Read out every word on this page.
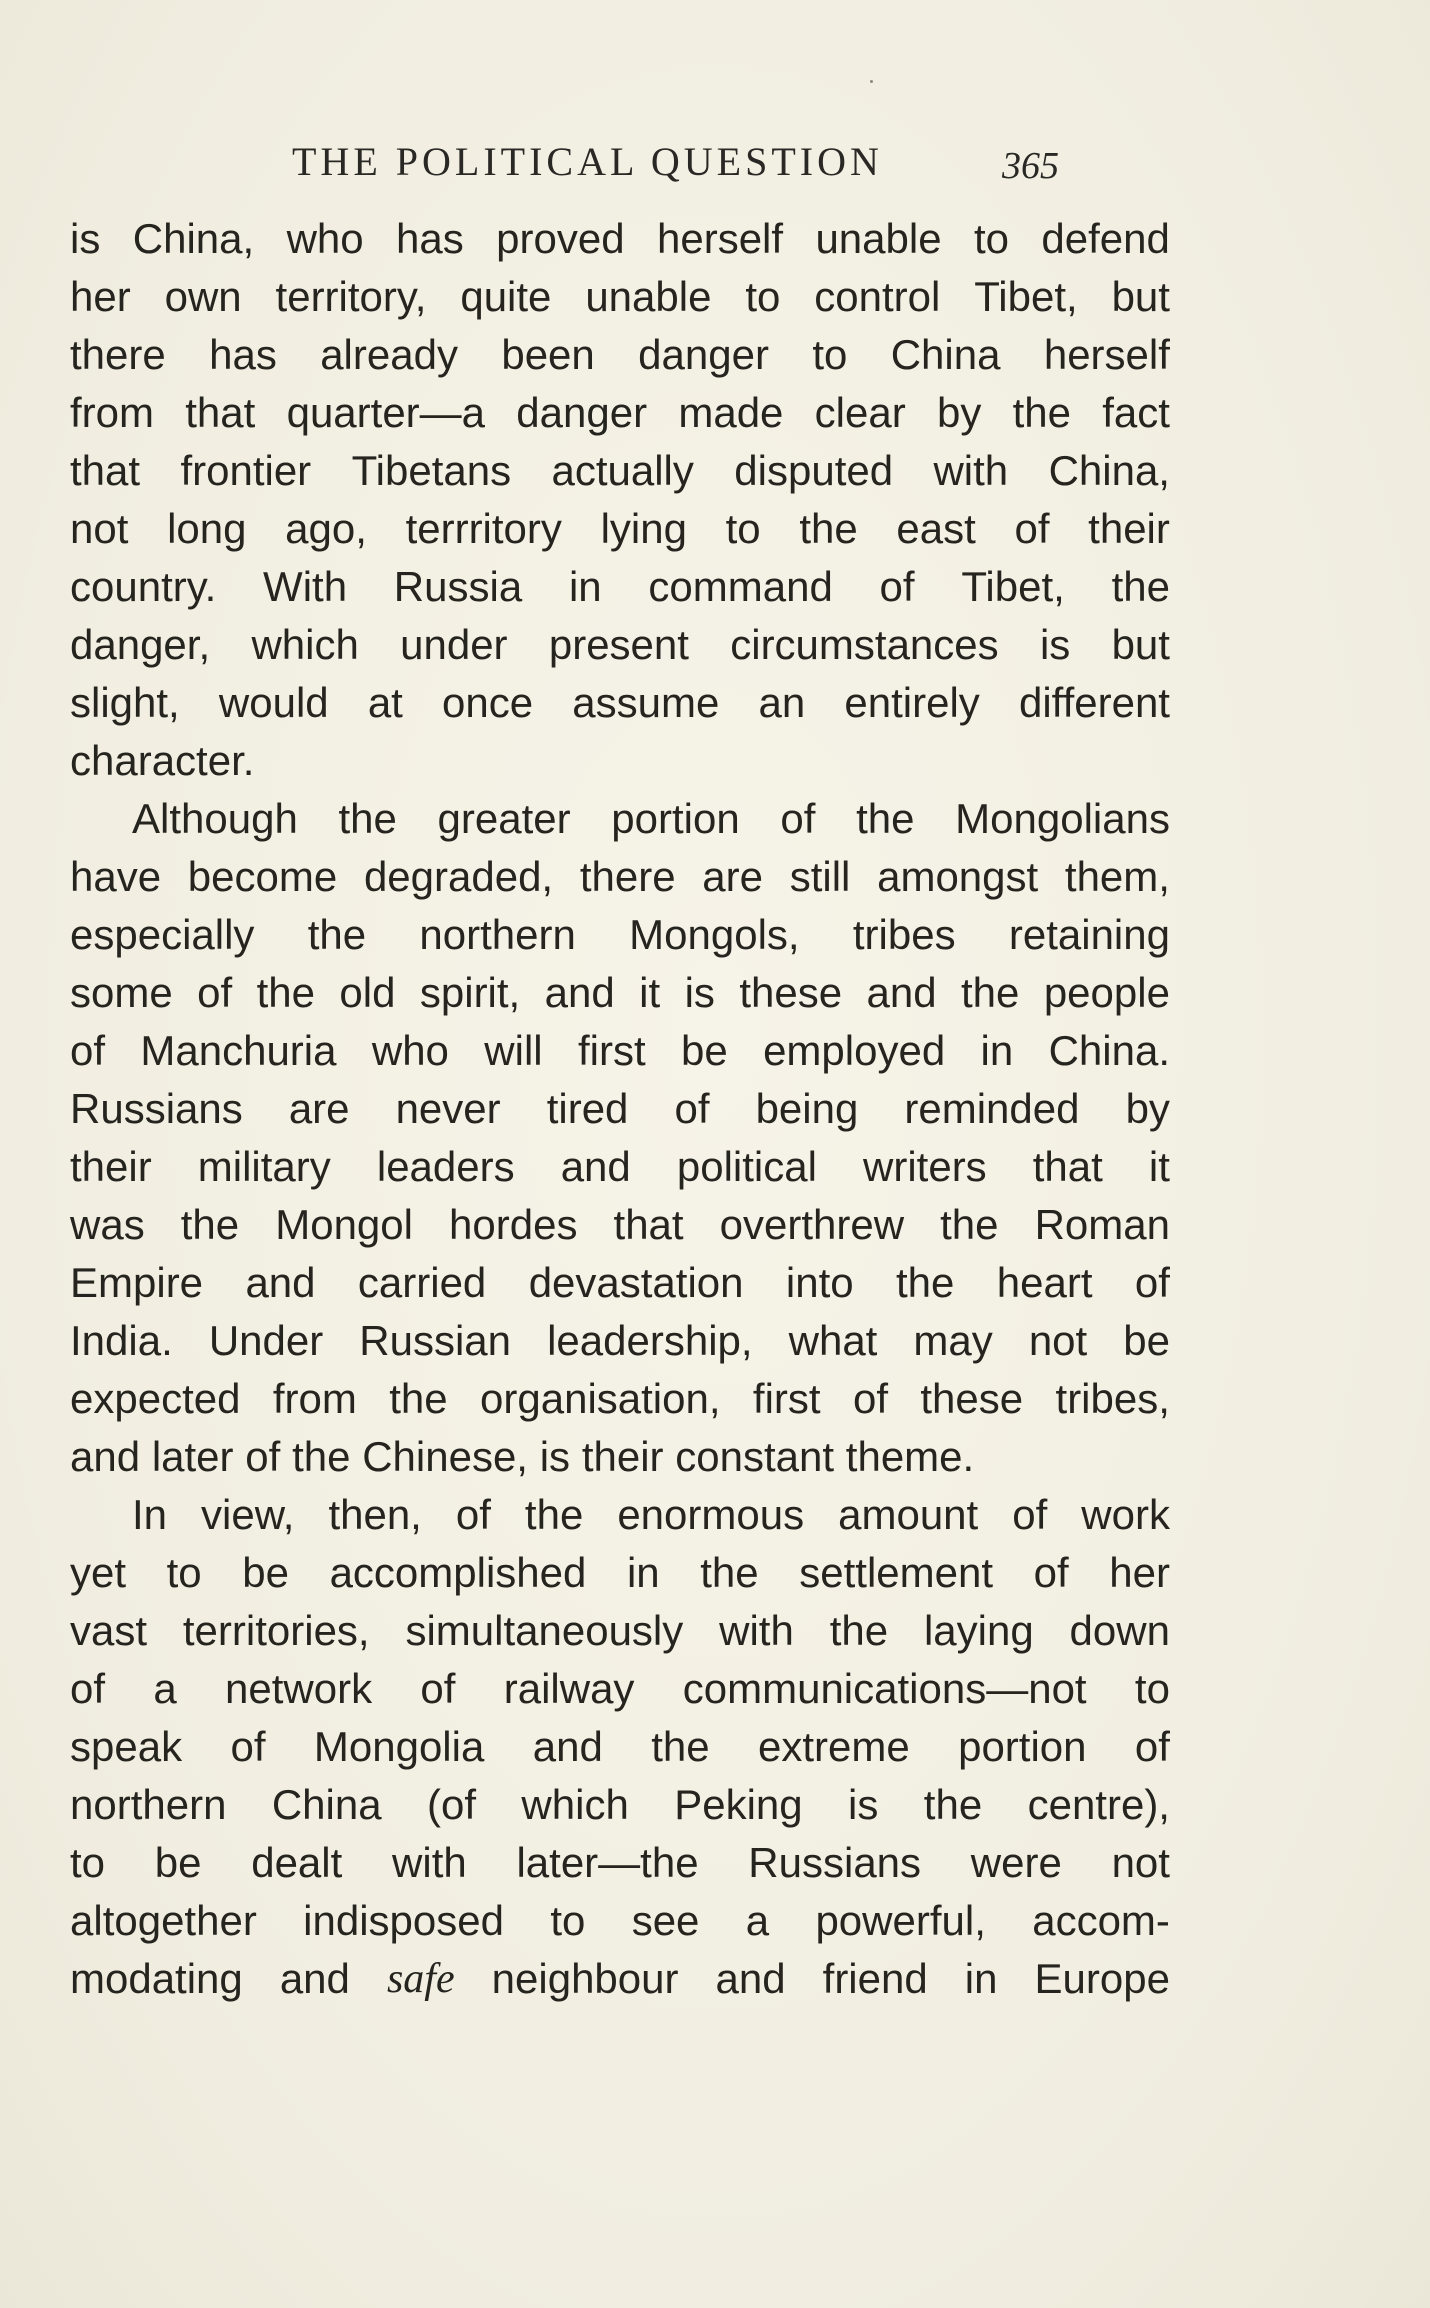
THE POLITICAL QUESTION	365
is China, who has proved herself unable to defend
her own territory, quite unable to control Tibet, but
there has already been danger to China herself
from that quarter—a danger made clear by the fact
that frontier Tibetans actually disputed with China,
not long ago, terrritory lying to the east of their
country. With Russia in command of Tibet, the
danger, which under present circumstances is but
slight, would at once assume an entirely different
character.
Although the greater portion of the Mongolians
have become degraded, there are still amongst them,
especially the northern Mongols, tribes retaining
some of the old spirit, and it is these and the people
of Manchuria who will first be employed in China.
Russians are never tired of being reminded by
their military leaders and political writers that it
was the Mongol hordes that overthrew the Roman
Empire and carried devastation into the heart of
India. Under Russian leadership, what may not be
expected from the organisation, first of these tribes,
and later of the Chinese, is their constant theme.
In view, then, of the enormous amount of work
yet to be accomplished in the settlement of her
vast territories, simultaneously with the laying down
of a network of railway communications—not to
speak of Mongolia and the extreme portion of
northern China (of which Peking is the centre),
to be dealt with later—the Russians were not
altogether indisposed to see a powerful, accom-
modating and safe neighbour and friend in Europe
